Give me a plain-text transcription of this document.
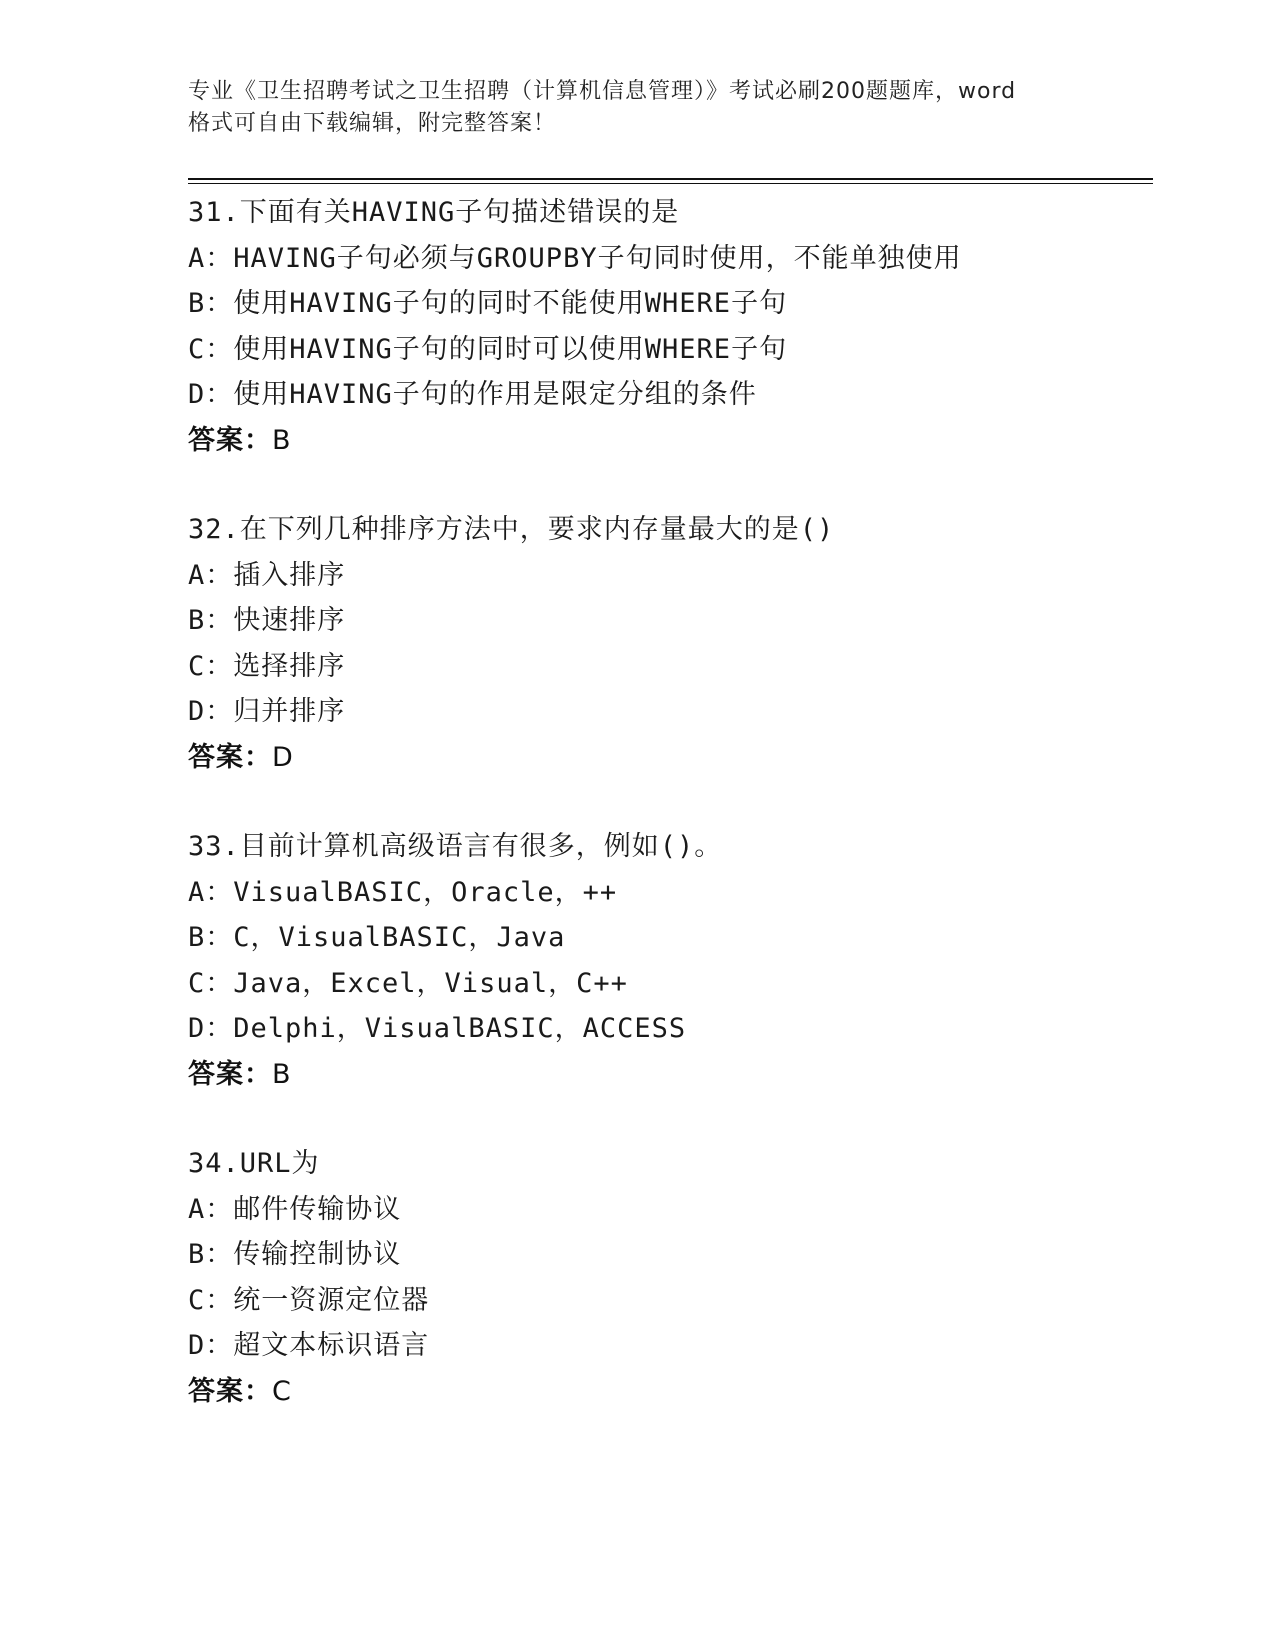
专业《卫生招聘考试之卫生招聘（计算机信息管理）》考试必刷200题题库，word
格式可自由下载编辑，附完整答案！
31.下面有关HAVING子句描述错误的是
A：HAVING子句必须与GROUPBY子句同时使用，不能单独使用
B：使用HAVING子句的同时不能使用WHERE子句
C：使用HAVING子句的同时可以使用WHERE子句
D：使用HAVING子句的作用是限定分组的条件
答案：B
32.在下列几种排序方法中，要求内存量最大的是()
A：插入排序
B：快速排序
C：选择排序
D：归并排序
答案：D
33.目前计算机高级语言有很多，例如()。
A：VisualBASIC，Oracle，++
B：C，VisualBASIC，Java
C：Java，Excel，Visual，C++
D：Delphi，VisualBASIC，ACCESS
答案：B
34.URL为
A：邮件传输协议
B：传输控制协议
C：统一资源定位器
D：超文本标识语言
答案：C
